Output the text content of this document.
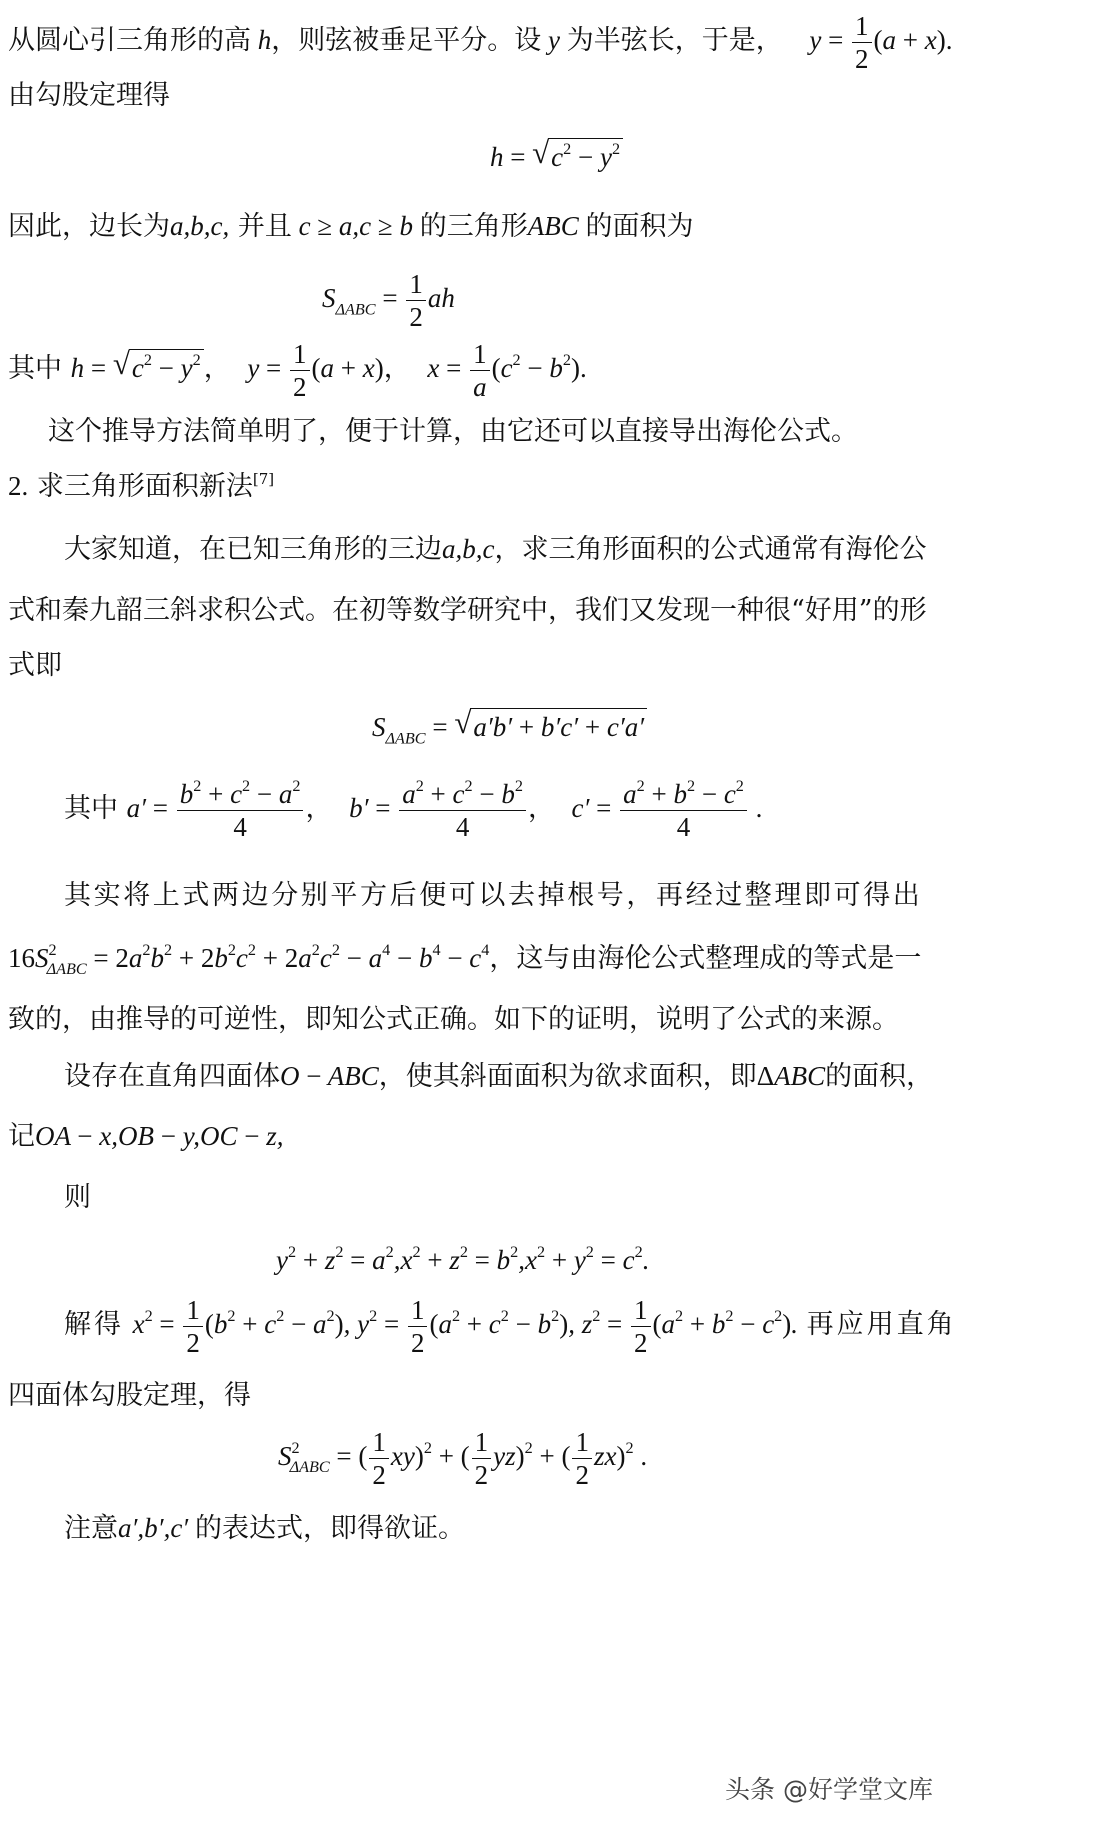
从圆心引三角形的高 h，则弦被垂足平分。设 y 为半弦长，于是， $y = \frac{1}{2} (a + x)$.
由勾股定理得
h = √ $c^2 - y^2$
因此，边长为a,b,c, 并且 c ≥ a,c ≥ b 的三角形ABC 的面积为
$S_{\Delta ABC} = \frac{1}{2}$ ah
其中 h = √ $c^2 - y^2$ ， $y = \frac{1}{2} (a + x)$， $x = \frac{1}{a} (c^2 - b^2)$.
这个推导方法简单明了，便于计算，由它还可以直接导出海伦公式。
2. 求三角形面积新法[7]
大家知道，在已知三角形的三边a,b,c，求三角形面积的公式通常有海伦公
式和秦九韶三斜求积公式。在初等数学研究中，我们又发现一种很“好用”的形
式即
$S_{\Delta ABC}$ = √ a′b′ + b′c′ + c′a′
其中 $a' = \frac{b^2 + c^2 - a^2}{4}$ ， $b' = \frac{a^2 + c^2 - b^2}{4}$ ， $c' = \frac{a^2 + b^2 - c^2}{4}$ .
其实将上式两边分别平方后便可以去掉根号，再经过整理即可得出
$16S^2_{\Delta ABC} = 2a^2b^2 + 2b^2c^2 + 2a^2c^2 - a^4 - b^4 - c^4$，这与由海伦公式整理成的等式是一
致的，由推导的可逆性，即知公式正确。如下的证明，说明了公式的来源。
设存在直角四面体O − ABC，使其斜面面积为欲求面积，即ΔABC的面积，
记OA − x,OB − y,OC − z,
则
$y^2 + z^2 = a^2,x^2 + z^2 = b^2,x^2 + y^2 = c^2$.
解得 $x^2 = \frac{1}{2} (b^2 + c^2 - a^2)$, $y^2 = \frac{1}{2} (a^2 + c^2 - b^2)$, $z^2 = \frac{1}{2} (a^2 + b^2 - c^2)$. 再应用直角
四面体勾股定理，得
$S^2_{\Delta ABC}$ = ( $\frac{1}{2} xy)^2$ + ( $\frac{1}{2} yz)^2$ + ( $\frac{1}{2} zx)^2$ .
注意a′,b′,c′ 的表达式，即得欲证。
头条 @好学堂文库
